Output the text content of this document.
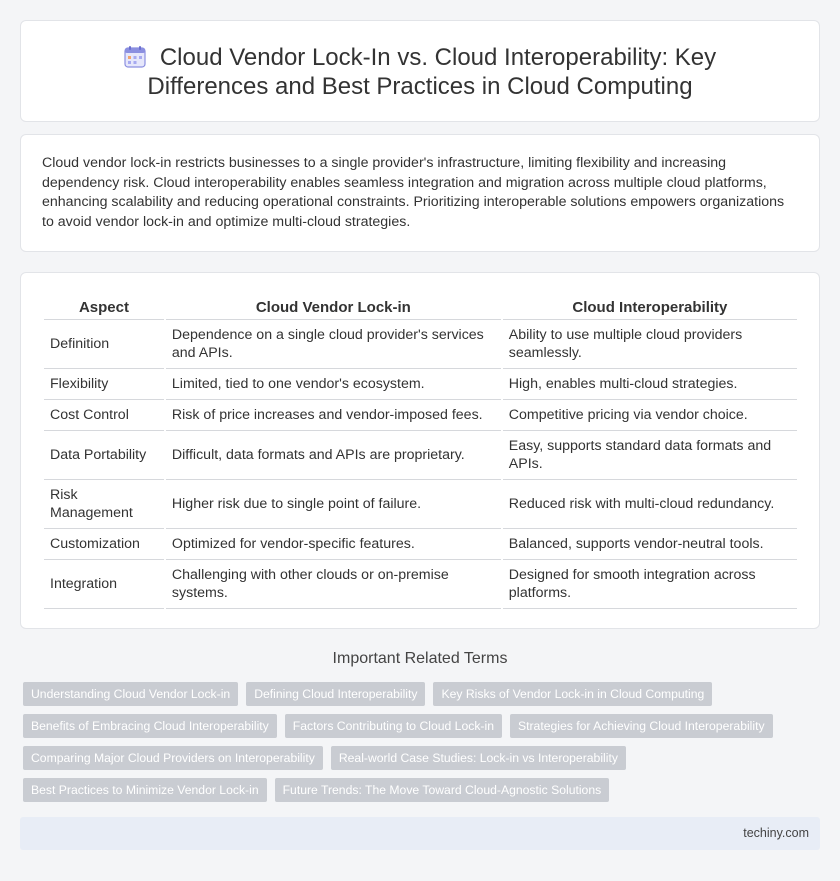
Cloud Vendor Lock-In vs. Cloud Interoperability: Key Differences and Best Practices in Cloud Computing

Cloud vendor lock-in restricts businesses to a single provider's infrastructure, limiting flexibility and increasing dependency risk. Cloud interoperability enables seamless integration and migration across multiple cloud platforms, enhancing scalability and reducing operational constraints. Prioritizing interoperable solutions empowers organizations to avoid vendor lock-in and optimize multi-cloud strategies.

Aspect	Cloud Vendor Lock-in	Cloud Interoperability
Definition	Dependence on a single cloud provider's services and APIs.	Ability to use multiple cloud providers seamlessly.
Flexibility	Limited, tied to one vendor's ecosystem.	High, enables multi-cloud strategies.
Cost Control	Risk of price increases and vendor-imposed fees.	Competitive pricing via vendor choice.
Data Portability	Difficult, data formats and APIs are proprietary.	Easy, supports standard data formats and APIs.
Risk Management	Higher risk due to single point of failure.	Reduced risk with multi-cloud redundancy.
Customization	Optimized for vendor-specific features.	Balanced, supports vendor-neutral tools.
Integration	Challenging with other clouds or on-premise systems.	Designed for smooth integration across platforms.
Important Related Terms
Understanding Cloud Vendor Lock-in	Defining Cloud Interoperability	Key Risks of Vendor Lock-in in Cloud Computing
Benefits of Embracing Cloud Interoperability	Factors Contributing to Cloud Lock-in	Strategies for Achieving Cloud Interoperability
Comparing Major Cloud Providers on Interoperability	Real-world Case Studies: Lock-in vs Interoperability
Best Practices to Minimize Vendor Lock-in	Future Trends: The Move Toward Cloud-Agnostic Solutions
techiny.com
